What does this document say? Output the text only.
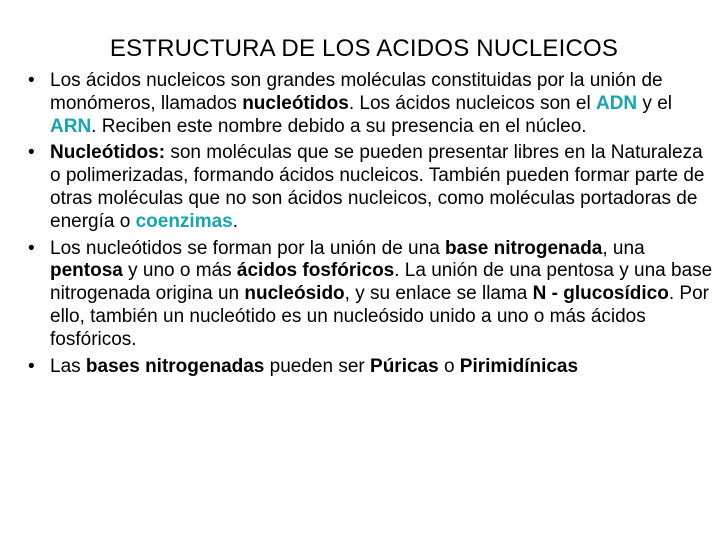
ESTRUCTURA DE LOS ACIDOS NUCLEICOS
• Los ácidos nucleicos son grandes moléculas constituidas por la unión de monómeros, llamados nucleótidos. Los ácidos nucleicos son el ADN y el ARN. Reciben este nombre debido a su presencia en el núcleo.
• Nucleótidos: son moléculas que se pueden presentar libres en la Naturaleza o polimerizadas, formando ácidos nucleicos. También pueden formar parte de otras moléculas que no son ácidos nucleicos, como moléculas portadoras de energía o coenzimas.
• Los nucleótidos se forman por la unión de una base nitrogenada, una pentosa y uno o más ácidos fosfóricos. La unión de una pentosa y una base nitrogenada origina un nucleósido, y su enlace se llama N - glucosídico. Por ello, también un nucleótido es un nucleósido unido a uno o más ácidos fosfóricos.
• Las bases nitrogenadas pueden ser Púricas o Pirimidínicas
